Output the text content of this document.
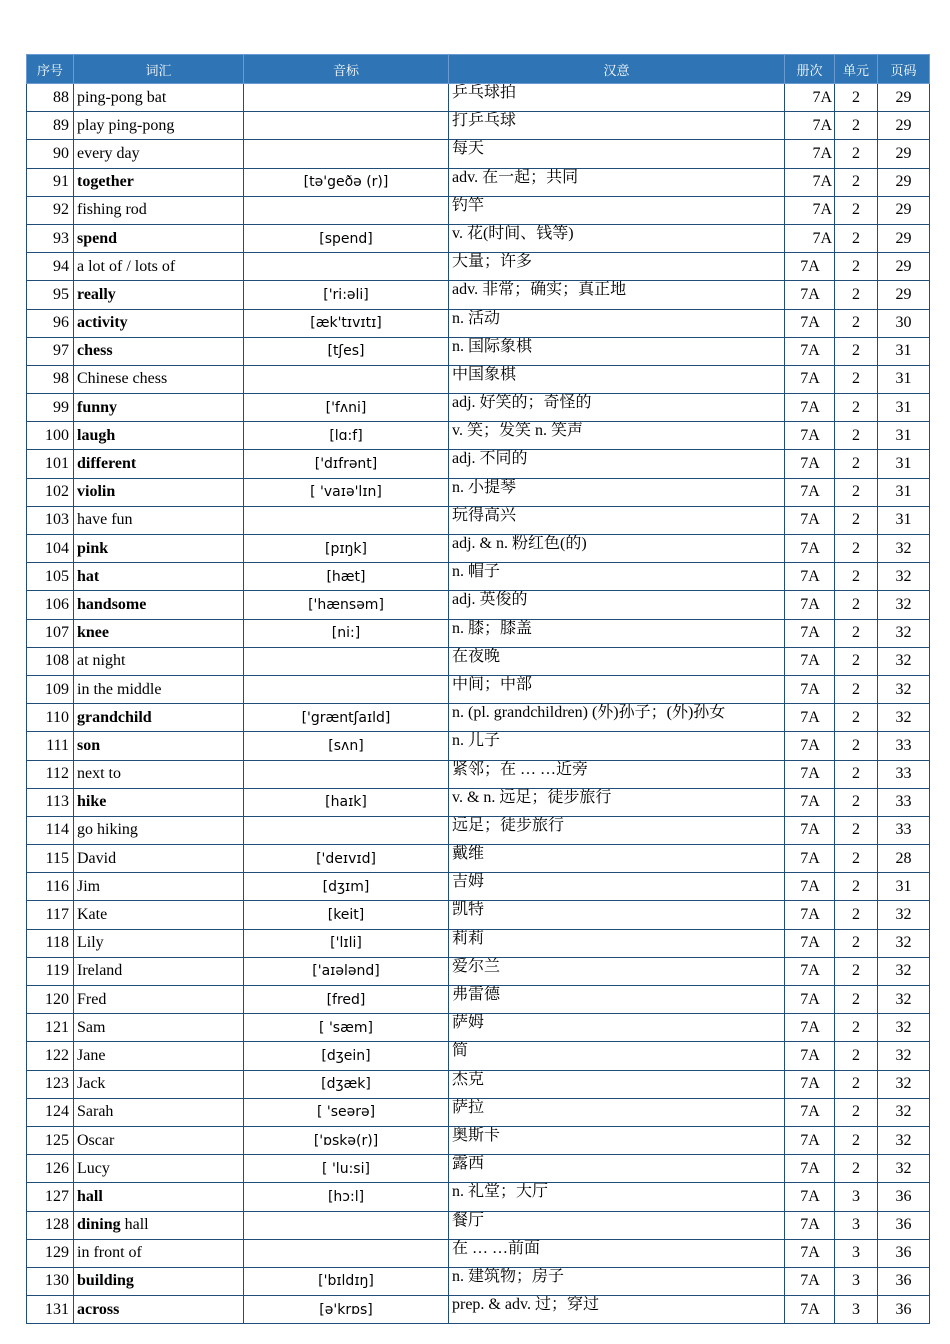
序号	词汇	音标	汉意	册次	单元	页码
88	ping-pong bat		乒乓球拍	7A	2	29
89	play ping-pong		打乒乓球	7A	2	29
90	every day		每天	7A	2	29
91	together	[tə'geðə (r)]	adv. 在一起；共同	7A	2	29
92	fishing rod		钓竿	7A	2	29
93	spend	[spend]	v. 花(时间、钱等)	7A	2	29
94	a lot of / lots of		大量；许多	7A	2	29
95	really	['ri:əli]	adv. 非常；确实；真正地	7A	2	29
96	activity	[æk'tɪvɪtɪ]	n. 活动	7A	2	30
97	chess	[tʃes]	n. 国际象棋	7A	2	31
98	Chinese chess		中国象棋	7A	2	31
99	funny	['fʌni]	adj. 好笑的；奇怪的	7A	2	31
100	laugh	[lɑ:f]	v. 笑；发笑 n. 笑声	7A	2	31
101	different	['dɪfrənt]	adj. 不同的	7A	2	31
102	violin	[ 'vaɪə'lɪn]	n. 小提琴	7A	2	31
103	have fun		玩得高兴	7A	2	31
104	pink	[pɪŋk]	adj. & n. 粉红色(的)	7A	2	32
105	hat	[hæt]	n. 帽子	7A	2	32
106	handsome	['hænsəm]	adj. 英俊的	7A	2	32
107	knee	[ni:]	n. 膝；膝盖	7A	2	32
108	at night		在夜晚	7A	2	32
109	in the middle		中间；中部	7A	2	32
110	grandchild	['græntʃaɪld]	n. (pl. grandchildren) (外)孙子；(外)孙女	7A	2	32
111	son	[sʌn]	n. 儿子	7A	2	33
112	next to		紧邻；在 … …近旁	7A	2	33
113	hike	[haɪk]	v. & n. 远足；徒步旅行	7A	2	33
114	go hiking		远足；徒步旅行	7A	2	33
115	David	['deɪvɪd]	戴维	7A	2	28
116	Jim	[dʒɪm]	吉姆	7A	2	31
117	Kate	[keit]	凯特	7A	2	32
118	Lily	['lɪli]	莉莉	7A	2	32
119	Ireland	['aɪələnd]	爱尔兰	7A	2	32
120	Fred	[fred]	弗雷德	7A	2	32
121	Sam	[ 'sæm]	萨姆	7A	2	32
122	Jane	[dʒein]	简	7A	2	32
123	Jack	[dʒæk]	杰克	7A	2	32
124	Sarah	[ 'seərə]	萨拉	7A	2	32
125	Oscar	['ɒskə(r)]	奥斯卡	7A	2	32
126	Lucy	[ 'lu:si]	露西	7A	2	32
127	hall	[hɔ:l]	n. 礼堂；大厅	7A	3	36
128	dining hall		餐厅	7A	3	36
129	in front of		在 … …前面	7A	3	36
130	building	['bɪldɪŋ]	n. 建筑物；房子	7A	3	36
131	across	[ə'krɒs]	prep. & adv. 过；穿过	7A	3	36
